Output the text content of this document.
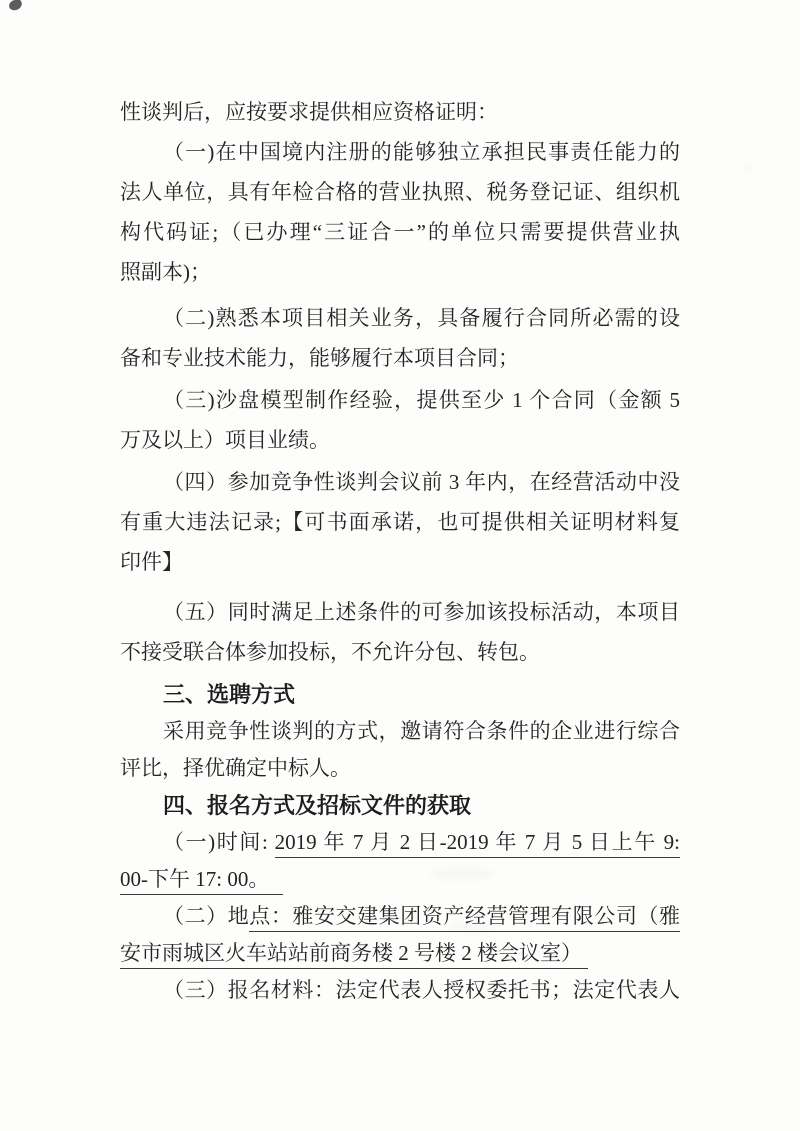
性谈判后，应按要求提供相应资格证明：
（一)在中国境内注册的能够独立承担民事责任能力的
法人单位，具有年检合格的营业执照、税务登记证、组织机
构代码证;（已办理“三证合一”的单位只需要提供营业执
照副本)；
（二)熟悉本项目相关业务，具备履行合同所必需的设
备和专业技术能力，能够履行本项目合同；
（三)沙盘模型制作经验，提供至少 1 个合同（金额 5
万及以上）项目业绩。
（四）参加竞争性谈判会议前 3 年内，在经营活动中没
有重大违法记录;【可书面承诺，也可提供相关证明材料复
印件】
（五）同时满足上述条件的可参加该投标活动，本项目
不接受联合体参加投标，不允许分包、转包。
三、选聘方式
采用竞争性谈判的方式，邀请符合条件的企业进行综合
评比，择优确定中标人。
四、报名方式及招标文件的获取
（一)时间: 2019 年 7 月 2 日-2019 年 7 月 5 日上午 9:
00-下午 17: 00。
（二）地点：雅安交建集团资产经营管理有限公司（雅
安市雨城区火车站站前商务楼 2 号楼 2 楼会议室）
（三）报名材料：法定代表人授权委托书；法定代表人
